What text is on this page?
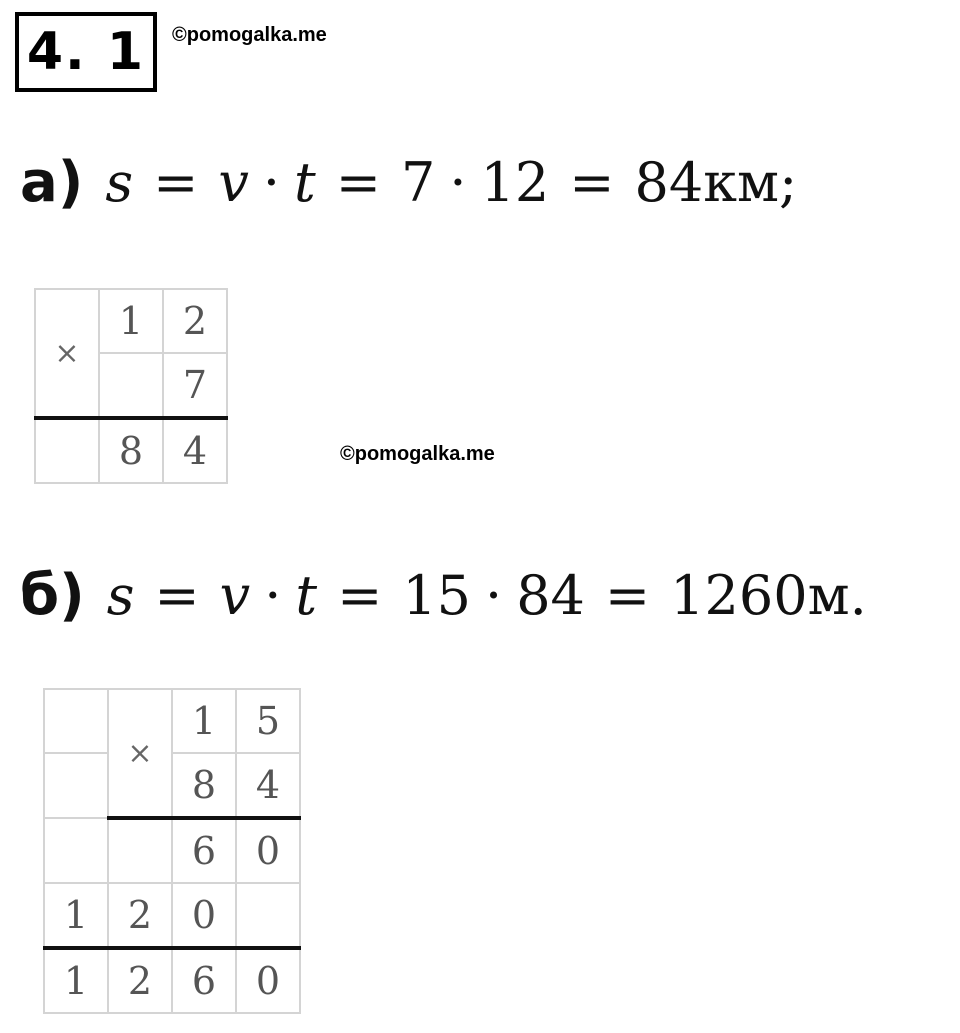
4. 1	©pomogalka.me
а) s = v · t = 7 · 12 = 84км;
×	1	2
		7
	8	4	©pomogalka.me
б) s = v · t = 15 · 84 = 1260м.
	×	1	5
		8	4
		6	0
1	2	0	
1	2	6	0
